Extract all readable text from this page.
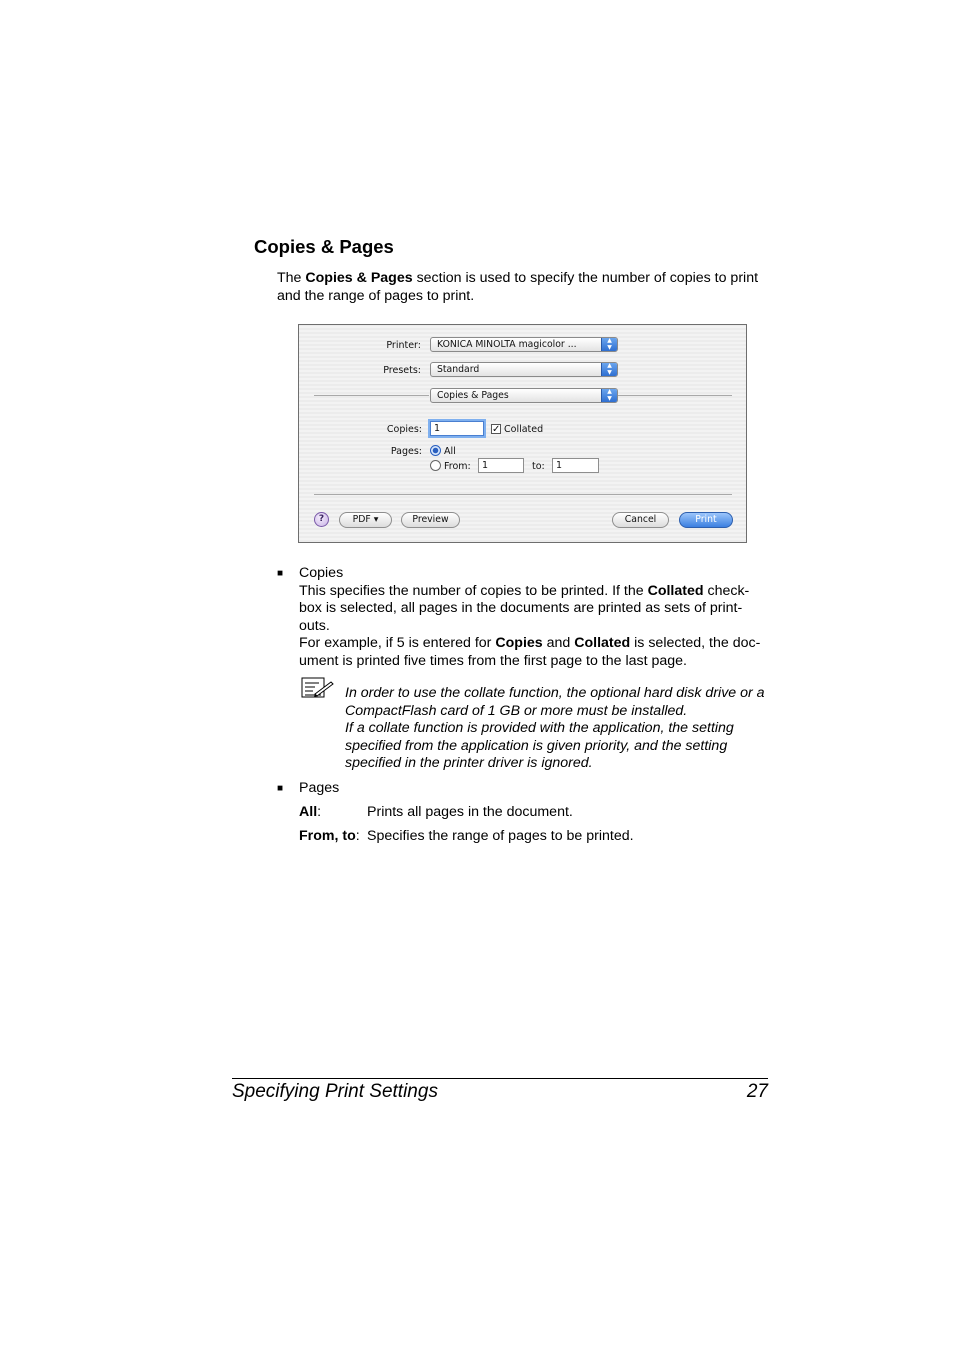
Copies & Pages
The Copies & Pages section is used to specify the number of copies to print
and the range of pages to print.
Printer:	KONICA MINOLTA magicolor ...	▲
▼
Presets:	Standard	▲
▼
Copies & Pages	▲
▼
Copies:	1	✓ Collated
Pages: All
From:	1	to:	1
?	PDF ▾	Preview	Cancel	Print
■ Copies
This specifies the number of copies to be printed. If the Collated check-
box is selected, all pages in the documents are printed as sets of print-
outs.
For example, if 5 is entered for Copies and Collated is selected, the doc-
ument is printed five times from the first page to the last page.
In order to use the collate function, the optional hard disk drive or a
CompactFlash card of 1 GB or more must be installed.
If a collate function is provided with the application, the setting
specified from the application is given priority, and the setting
specified in the printer driver is ignored.
■ Pages
All:	Prints all pages in the document.
From, to: Specifies the range of pages to be printed.
Specifying Print Settings	27
